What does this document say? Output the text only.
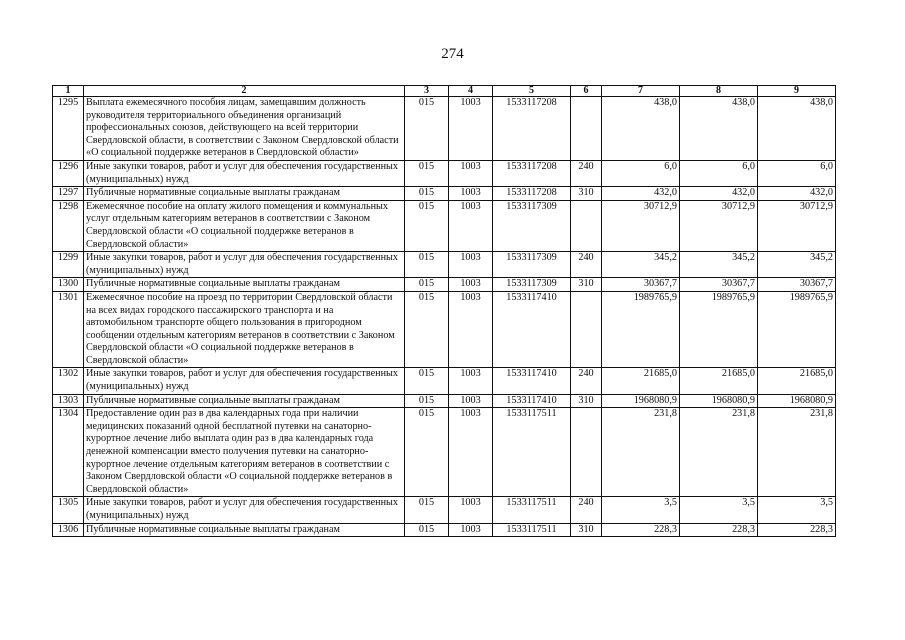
274
1	2	3	4	5	6	7	8	9
1295	Выплата ежемесячного пособия лицам, замещавшим должность руководителя территориального объединения организаций профессиональных союзов, действующего на всей территории Свердловской области, в соответствии с Законом Свердловской области «О социальной поддержке ветеранов в Свердловской области»	015	1003	1533117208		438,0	438,0	438,0
1296	Иные закупки товаров, работ и услуг для обеспечения государственных (муниципальных) нужд	015	1003	1533117208	240	6,0	6,0	6,0
1297	Публичные нормативные социальные выплаты гражданам	015	1003	1533117208	310	432,0	432,0	432,0
1298	Ежемесячное пособие на оплату жилого помещения и коммунальных услуг отдельным категориям ветеранов в соответствии с Законом Свердловской области «О социальной поддержке ветеранов в Свердловской области»	015	1003	1533117309		30712,9	30712,9	30712,9
1299	Иные закупки товаров, работ и услуг для обеспечения государственных (муниципальных) нужд	015	1003	1533117309	240	345,2	345,2	345,2
1300	Публичные нормативные социальные выплаты гражданам	015	1003	1533117309	310	30367,7	30367,7	30367,7
1301	Ежемесячное пособие на проезд по территории Свердловской области на всех видах городского пассажирского транспорта и на автомобильном транспорте общего пользования в пригородном сообщении отдельным категориям ветеранов в соответствии с Законом Свердловской области «О социальной поддержке ветеранов в Свердловской области»	015	1003	1533117410		1989765,9	1989765,9	1989765,9
1302	Иные закупки товаров, работ и услуг для обеспечения государственных (муниципальных) нужд	015	1003	1533117410	240	21685,0	21685,0	21685,0
1303	Публичные нормативные социальные выплаты гражданам	015	1003	1533117410	310	1968080,9	1968080,9	1968080,9
1304	Предоставление один раз в два календарных года при наличии медицинских показаний одной бесплатной путевки на санаторно-курортное лечение либо выплата один раз в два календарных года денежной компенсации вместо получения путевки на санаторно-курортное лечение отдельным категориям ветеранов в соответствии с Законом Свердловской области «О социальной поддержке ветеранов в Свердловской области»	015	1003	1533117511		231,8	231,8	231,8
1305	Иные закупки товаров, работ и услуг для обеспечения государственных (муниципальных) нужд	015	1003	1533117511	240	3,5	3,5	3,5
1306	Публичные нормативные социальные выплаты гражданам	015	1003	1533117511	310	228,3	228,3	228,3
